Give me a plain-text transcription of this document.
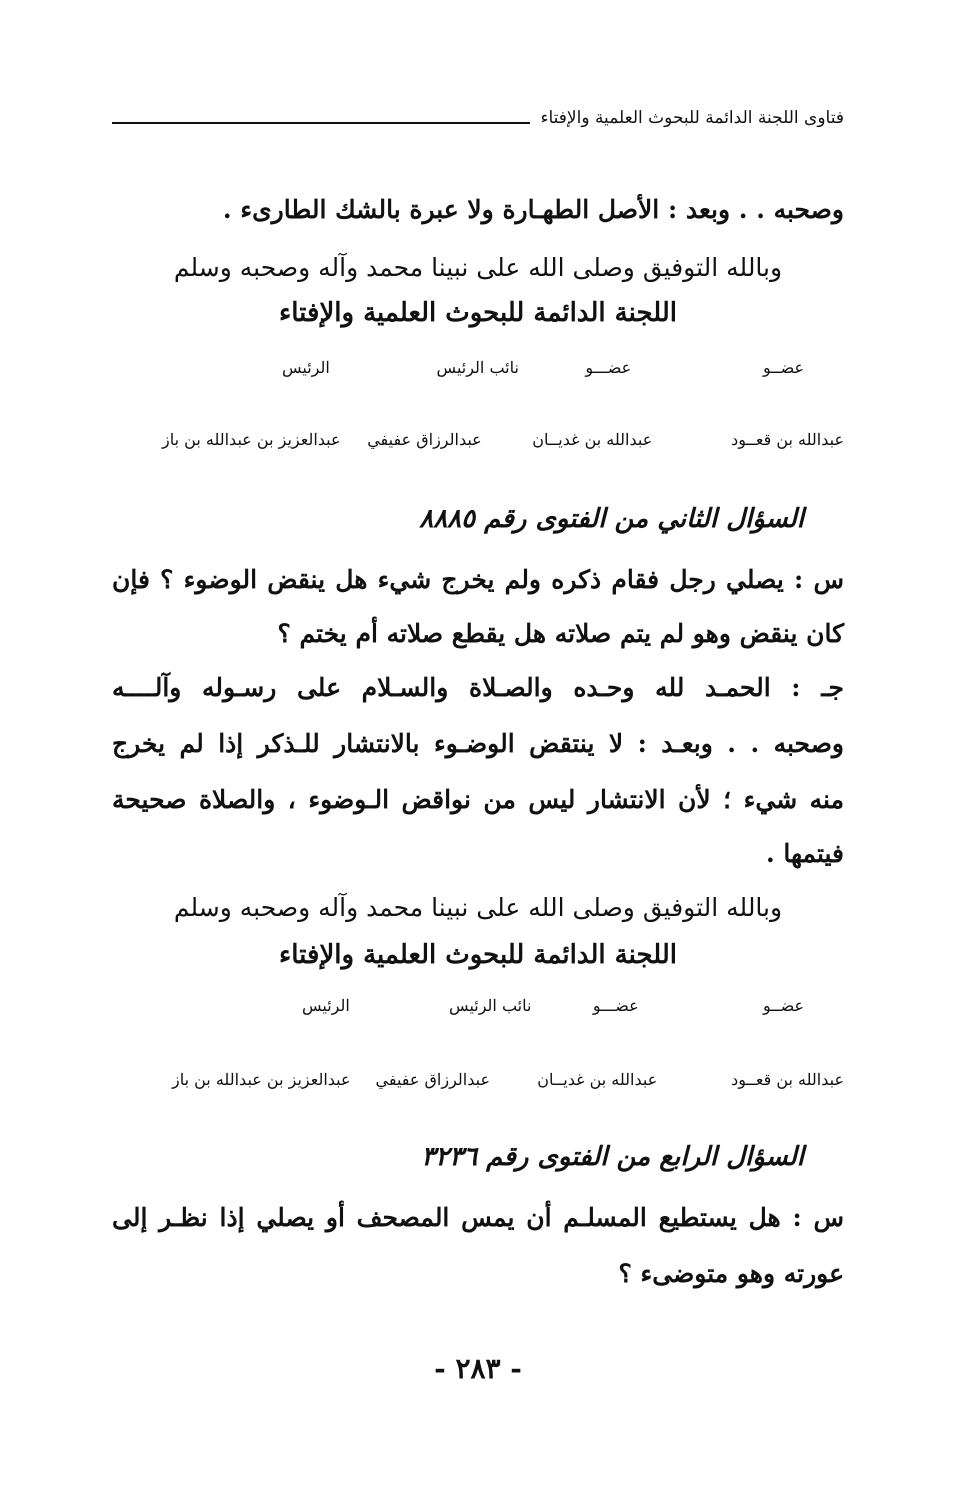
فتاوى اللجنة الدائمة للبحوث العلمية والإفتاء
وصحبه . . وبعد : الأصل الطهـارة ولا عبرة بالشك الطارىء .
وبالله التوفيق وصلى الله على نبينا محمد وآله وصحبه وسلم
اللجنة الدائمة للبحوث العلمية والإفتاء
عضــو
عضـــو
نائب الرئيس
الرئيس
عبدالله بن قعــود
عبدالله بن غديــان
عبدالرزاق عفيفي
عبدالعزيز بن عبدالله بن باز
السؤال الثاني من الفتوى رقم ٨٨٨٥
س : يصلي رجل فقام ذكره ولم يخرج شيء هل ينقض الوضوء ؟ فإن
كان ينقض وهو لم يتم صلاته هل يقطع صلاته أم يختم ؟
جـ : الحمـد لله وحـده والصـلاة والسـلام على رسـوله وآلــــه
وصحبه . . وبعـد : لا ينتقض الوضـوء بالانتشار للـذكر إذا لم يخرج
منه شيء ؛ لأن الانتشار ليس من نواقض الـوضوء ، والصلاة صحيحة
فيتمها .
وبالله التوفيق وصلى الله على نبينا محمد وآله وصحبه وسلم
اللجنة الدائمة للبحوث العلمية والإفتاء
عضــو
عضـــو
نائب الرئيس
الرئيس
عبدالله بن قعــود
عبدالله بن غديــان
عبدالرزاق عفيفي
عبدالعزيز بن عبدالله بن باز
السؤال الرابع من الفتوى رقم ٣٢٣٦
س : هل يستطيع المسلـم أن يمس المصحف أو يصلي إذا نظـر إلى
عورته وهو متوضىء ؟
- ٢٨٣ -
